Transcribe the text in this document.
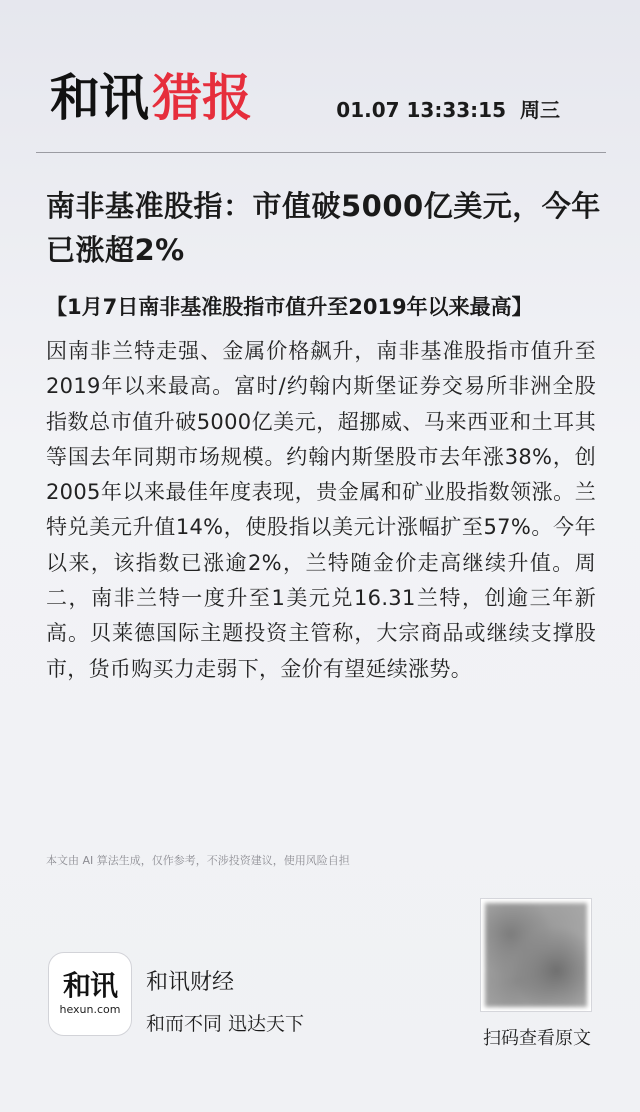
和讯 猎报	01.07 13:33:15 周三
南非基准股指：市值破5000亿美元，今年已涨超2%
【1月7日南非基准股指市值升至2019年以来最高】
因南非兰特走强、金属价格飙升，南非基准股指市值升至2019年以来最高。富时/约翰内斯堡证券交易所非洲全股指数总市值升破5000亿美元，超挪威、马来西亚和土耳其等国去年同期市场规模。约翰内斯堡股市去年涨38%，创2005年以来最佳年度表现，贵金属和矿业股指数领涨。兰特兑美元升值14%，使股指以美元计涨幅扩至57%。今年以来，该指数已涨逾2%，兰特随金价走高继续升值。周二，南非兰特一度升至1美元兑16.31兰特，创逾三年新高。贝莱德国际主题投资主管称，大宗商品或继续支撑股市，货币购买力走弱下，金价有望延续涨势。
本文由 AI 算法生成，仅作参考，不涉投资建议，使用风险自担
和讯
hexun.com
和讯财经
和而不同 迅达天下
扫码查看原文
